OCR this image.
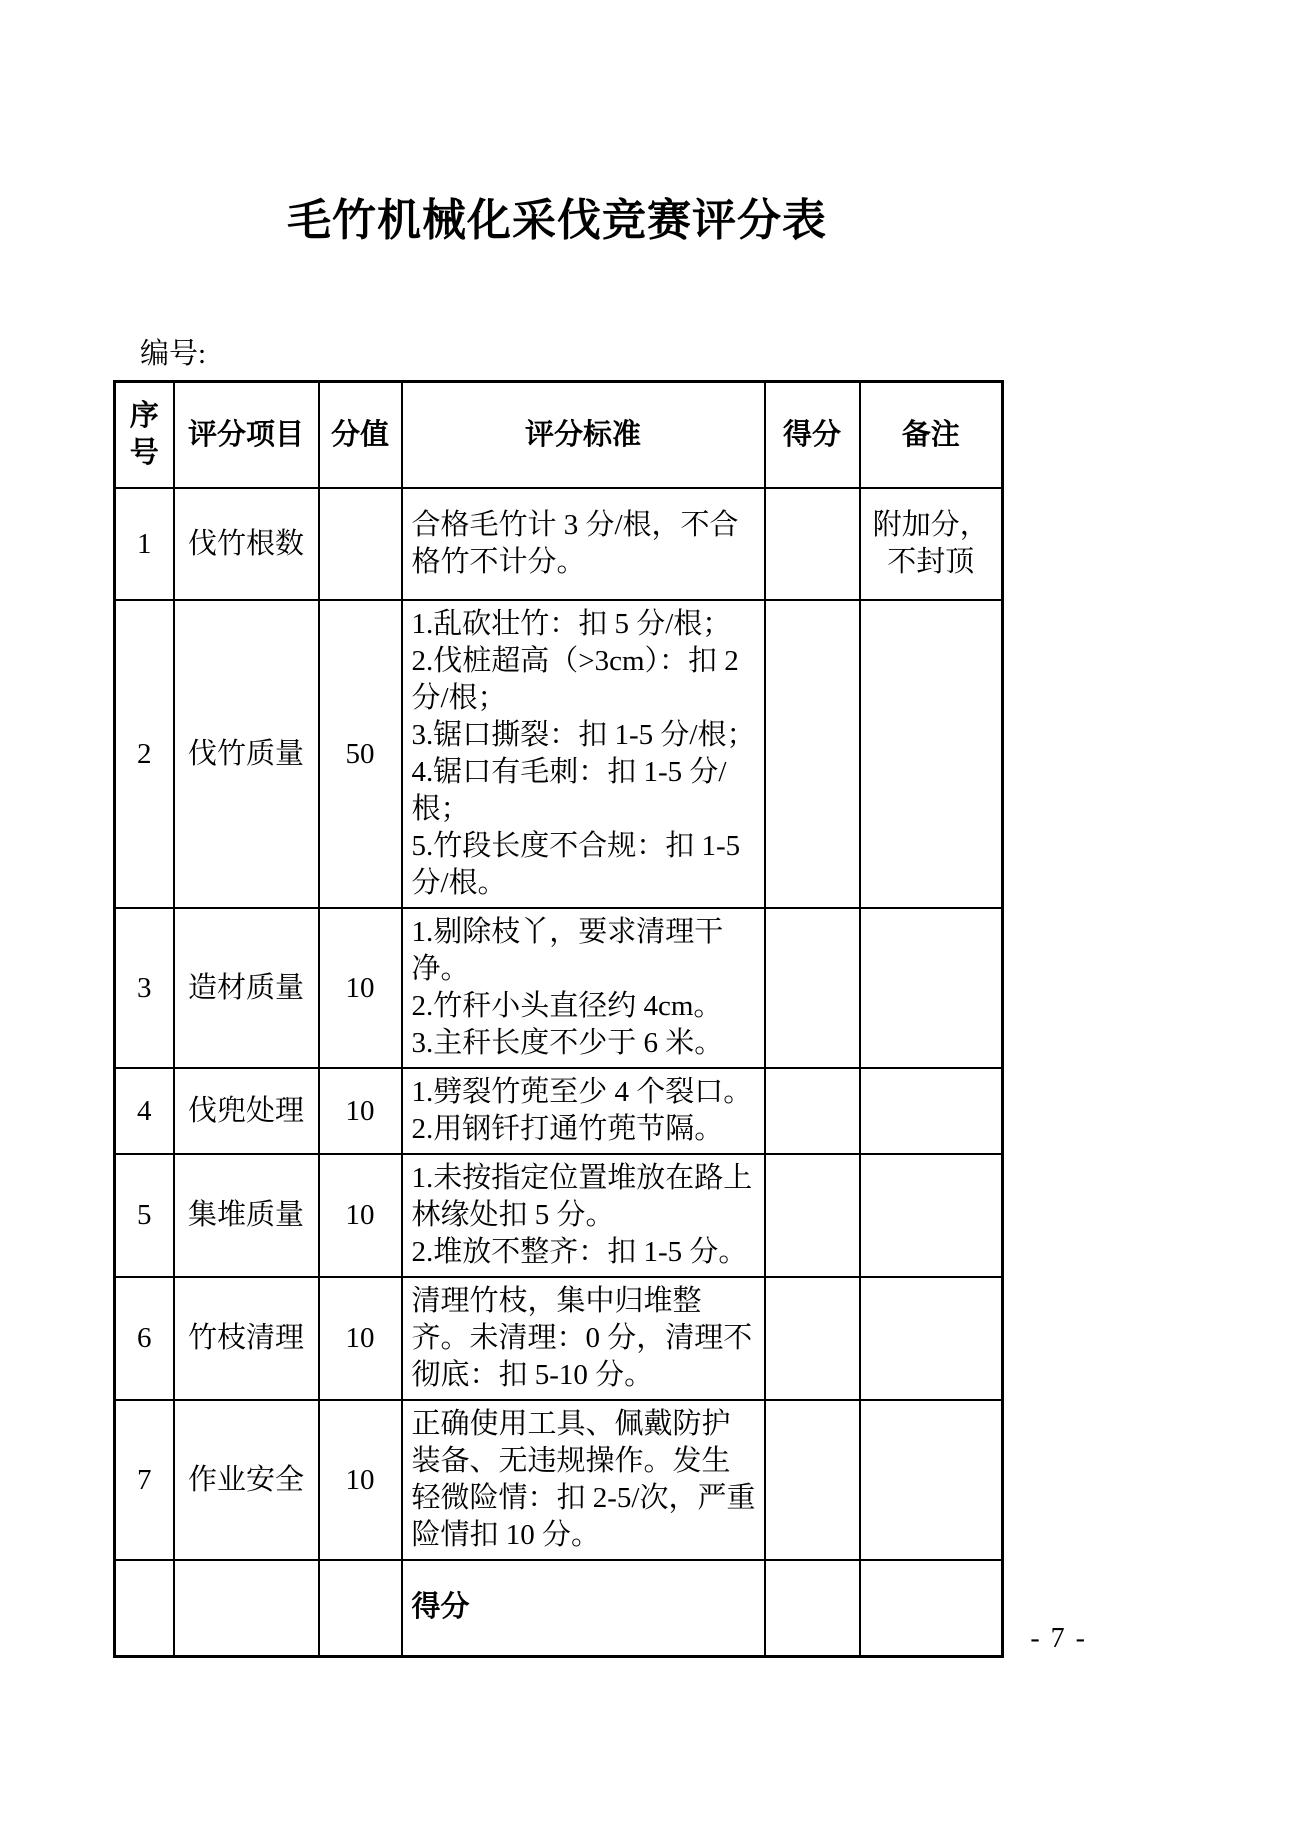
毛竹机械化采伐竞赛评分表
编号:
序号	评分项目	分值	评分标准	得分	备注
1	伐竹根数		合格毛竹计 3 分/根，不合格竹不计分。		附加分，不封顶
2	伐竹质量	50	1.乱砍壮竹：扣 5 分/根；
2.伐桩超高（>3cm）：扣 2 分/根；
3.锯口撕裂：扣 1-5 分/根；
4.锯口有毛刺：扣 1-5 分/根；
5.竹段长度不合规：扣 1-5 分/根。		

3	造材质量	10	1.剔除枝丫，要求清理干净。
2.竹秆小头直径约 4cm。
3.主秆长度不少于 6 米。		

4	伐兜处理	10	1.劈裂竹蔸至少 4 个裂口。
2.用钢钎打通竹蔸节隔。		

5	集堆质量	10	1.未按指定位置堆放在路上林缘处扣 5 分。
2.堆放不整齐：扣 1-5 分。		

6	竹枝清理	10	清理竹枝，集中归堆整齐。未清理：0 分，清理不彻底：扣 5-10 分。		

7	作业安全	10	正确使用工具、佩戴防护装备、无违规操作。发生轻微险情：扣 2-5/次，严重险情扣 10 分。		

			得分		

- 7 -
